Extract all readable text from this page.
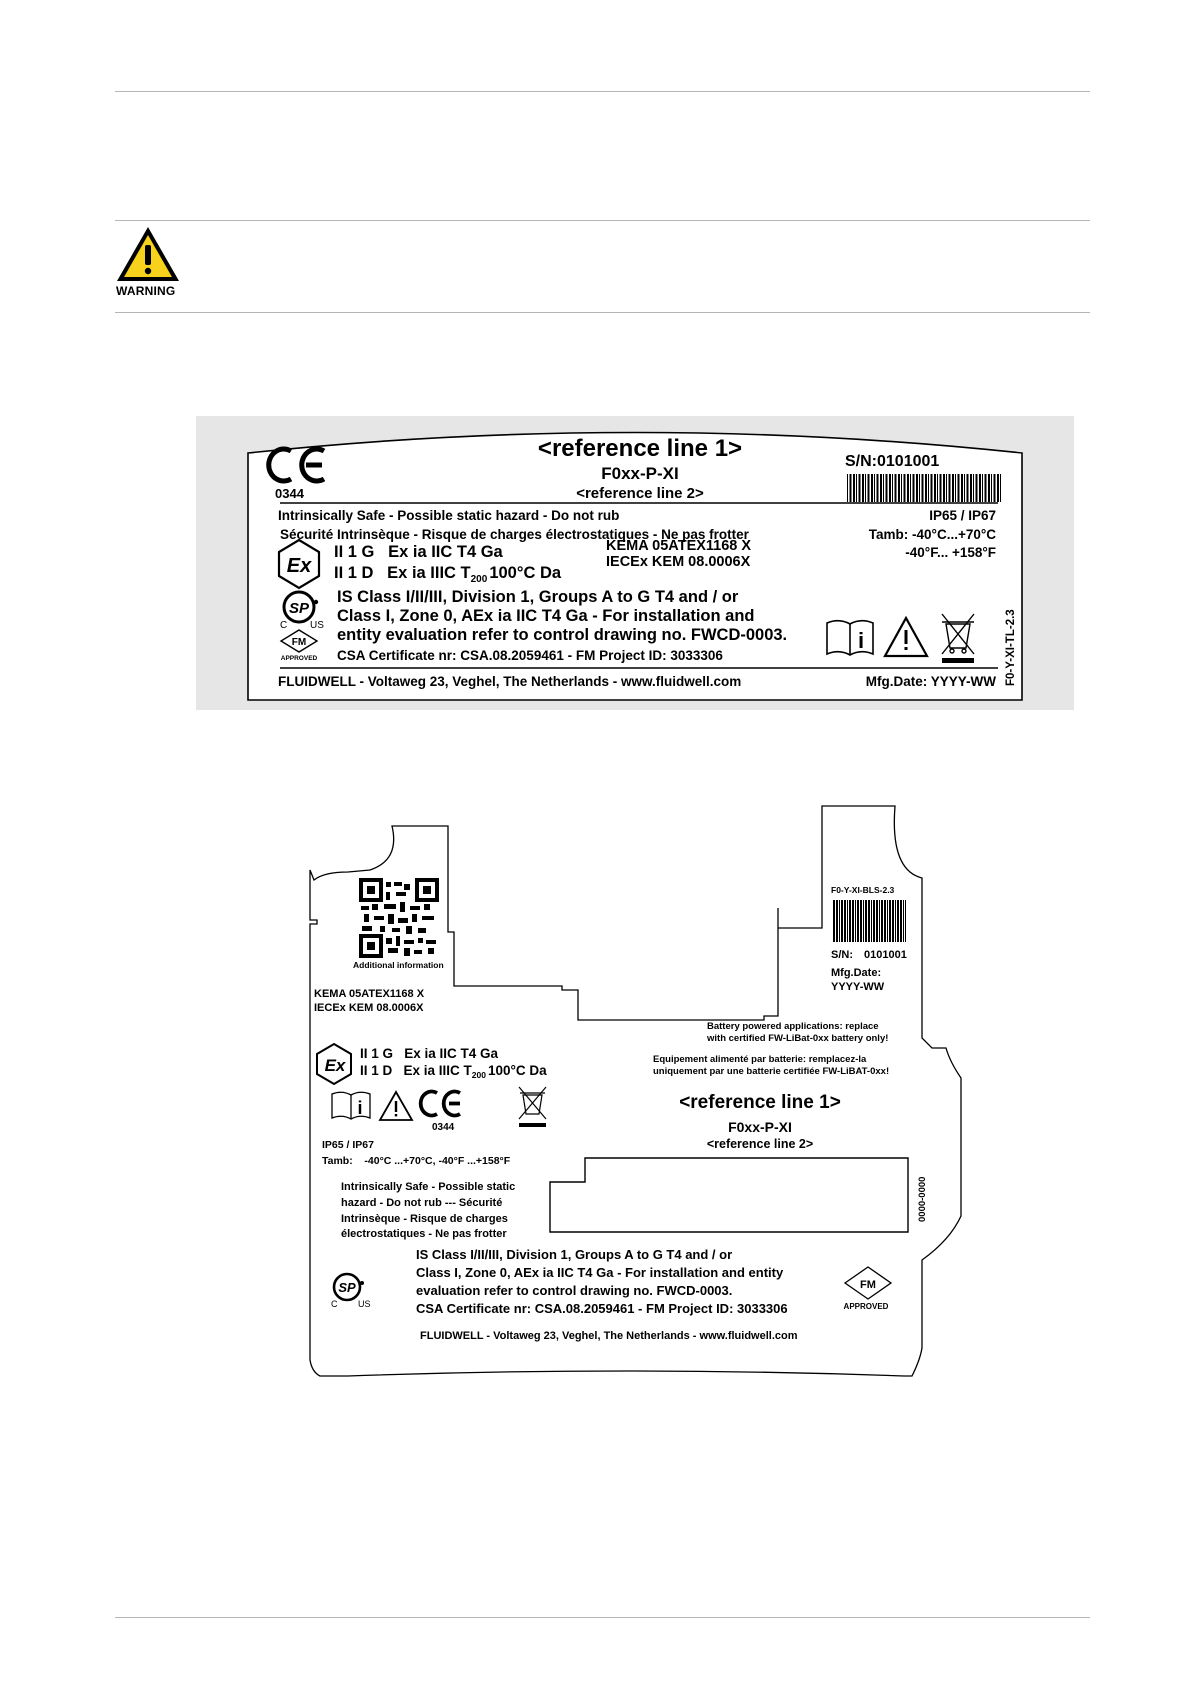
WARNING
0344
<reference line 1>
F0xx-P-XI
<reference line 2>
S/N:0101001
Intrinsically Safe - Possible static hazard - Do not rub
Sécurité Intrinsèque - Risque de charges électrostatiques - Ne pas frotter
IP65 / IP67
Tamb: -40°C...+70°C
-40°F... +158°F
Ex
II 1 G   Ex ia IIC T4 Ga
II 1 D   Ex ia IIIC $T_{200}$ 100°C Da
KEMA 05ATEX1168 X
IECEx KEM 08.0006X
SP
C US
FM
APPROVED
IS Class I/II/III, Division 1, Groups A to G T4 and / or
Class I, Zone 0, AEx ia IIC T4 Ga - For installation and
entity evaluation refer to control drawing no. FWCD-0003.
CSA Certificate nr: CSA.08.2059461 - FM Project ID: 3033306
i
FLUIDWELL - Voltaweg 23, Veghel, The Netherlands - www.fluidwell.com	Mfg.Date: YYYY-WW F0-Y-XI-TL-2.3
Additional information
F0-Y-XI-BLS-2.3
S/N: 0101001
Mfg.Date:
YYYY-WW
KEMA 05ATEX1168 X
IECEx KEM 08.0006X
Battery powered applications: replace
with certified FW-LiBat-0xx battery only!
Equipement alimenté par batterie: remplacez-la
uniquement par une batterie certifiée FW-LiBAT-0xx!
Ex
II 1 G   Ex ia IIC T4 Ga
II 1 D   Ex ia IIIC $T_{200}$ 100°C Da
i
0344
<reference line 1>
F0xx-P-XI
<reference line 2>
IP65 / IP67
Tamb:    -40°C ...+70°C, -40°F ...+158°F
Intrinsically Safe - Possible static
hazard - Do not rub --- Sécurité
Intrinsèque - Risque de charges
électrostatiques - Ne pas frotter
0000-0000
SP
C US
IS Class I/II/III, Division 1, Groups A to G T4 and / or
Class I, Zone 0, AEx ia IIC T4 Ga - For installation and entity
evaluation refer to control drawing no. FWCD-0003.
CSA Certificate nr: CSA.08.2059461 - FM Project ID: 3033306
FM
APPROVED
FLUIDWELL - Voltaweg 23, Veghel, The Netherlands - www.fluidwell.com
